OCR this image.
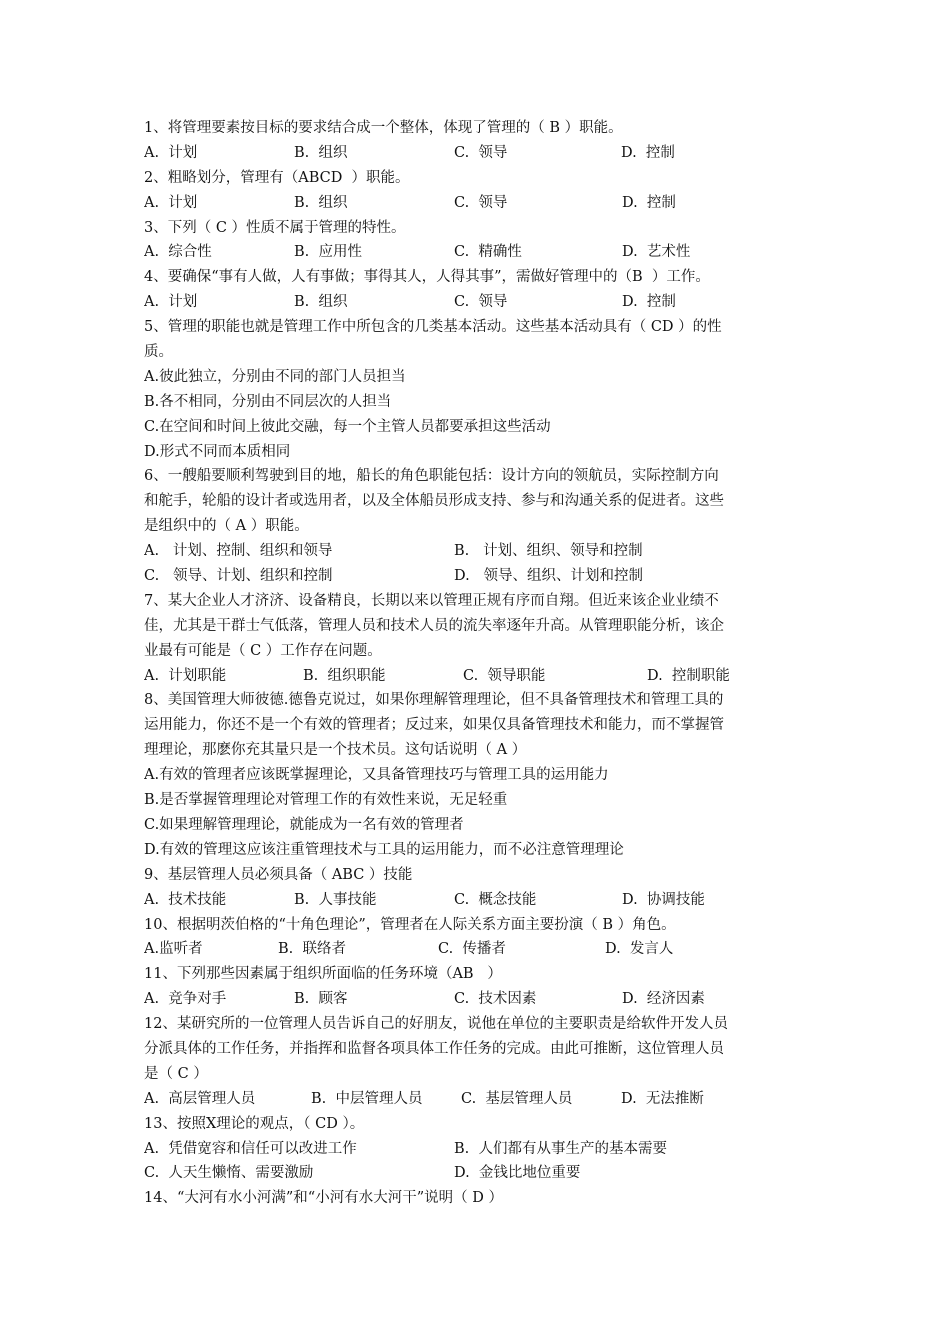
1、将管理要素按目标的要求结合成一个整体，体现了管理的（ B ）职能。
A.  计划	B.  组织	C.  领导	D.  控制
2、粗略划分，管理有（ABCD  ）职能。
A.  计划	B.  组织	C.  领导	D.  控制
3、下列（ C ）性质不属于管理的特性。
A.  综合性	B.  应用性	C.  精确性	D.  艺术性
4、要确保“事有人做，人有事做；事得其人，人得其事”，需做好管理中的（B  ）工作。
A.  计划	B.  组织	C.  领导	D.  控制
5、管理的职能也就是管理工作中所包含的几类基本活动。这些基本活动具有（ CD ）的性
质。
A.彼此独立，分别由不同的部门人员担当
B.各不相同，分别由不同层次的人担当
C.在空间和时间上彼此交融，每一个主管人员都要承担这些活动
D.形式不同而本质相同
6、一艘船要顺利驾驶到目的地，船长的角色职能包括：设计方向的领航员，实际控制方向
和舵手，轮船的设计者或选用者，以及全体船员形成支持、参与和沟通关系的促进者。这些
是组织中的（ A ）职能。
A.   计划、控制、组织和领导	B.   计划、组织、领导和控制
C.   领导、计划、组织和控制	D.   领导、组织、计划和控制
7、某大企业人才济济、设备精良，长期以来以管理正规有序而自翔。但近来该企业业绩不
佳，尤其是干群士气低落，管理人员和技术人员的流失率逐年升高。从管理职能分析，该企
业最有可能是（ C ）工作存在问题。
A.  计划职能	B.  组织职能	C.  领导职能	D.  控制职能
8、美国管理大师彼德.德鲁克说过，如果你理解管理理论，但不具备管理技术和管理工具的
运用能力，你还不是一个有效的管理者；反过来，如果仅具备管理技术和能力，而不掌握管
理理论，那麽你充其量只是一个技术员。这句话说明（ A ）
A.有效的管理者应该既掌握理论，又具备管理技巧与管理工具的运用能力
B.是否掌握管理理论对管理工作的有效性来说，无足轻重
C.如果理解管理理论，就能成为一名有效的管理者
D.有效的管理这应该注重管理技术与工具的运用能力，而不必注意管理理论
9、基层管理人员必须具备（ ABC ）技能
A.  技术技能	B.  人事技能	C.  概念技能	D.  协调技能
10、根据明茨伯格的“十角色理论”，管理者在人际关系方面主要扮演（ B ）角色。
A.监听者	B.  联络者	C.  传播者	D.  发言人
11、下列那些因素属于组织所面临的任务环境（AB   ）
A.  竞争对手	B.  顾客	C.  技术因素	D.  经济因素
12、某研究所的一位管理人员告诉自己的好朋友，说他在单位的主要职责是给软件开发人员
分派具体的工作任务，并指挥和监督各项具体工作任务的完成。由此可推断，这位管理人员
是（ C ）
A.  高层管理人员	B.  中层管理人员	C.  基层管理人员	D.  无法推断
13、按照X理论的观点，（ CD ）。
A.  凭借宽容和信任可以改进工作	B.  人们都有从事生产的基本需要
C.  人天生懒惰、需要激励	D.  金钱比地位重要
14、“大河有水小河满”和“小河有水大河干”说明（ D ）
